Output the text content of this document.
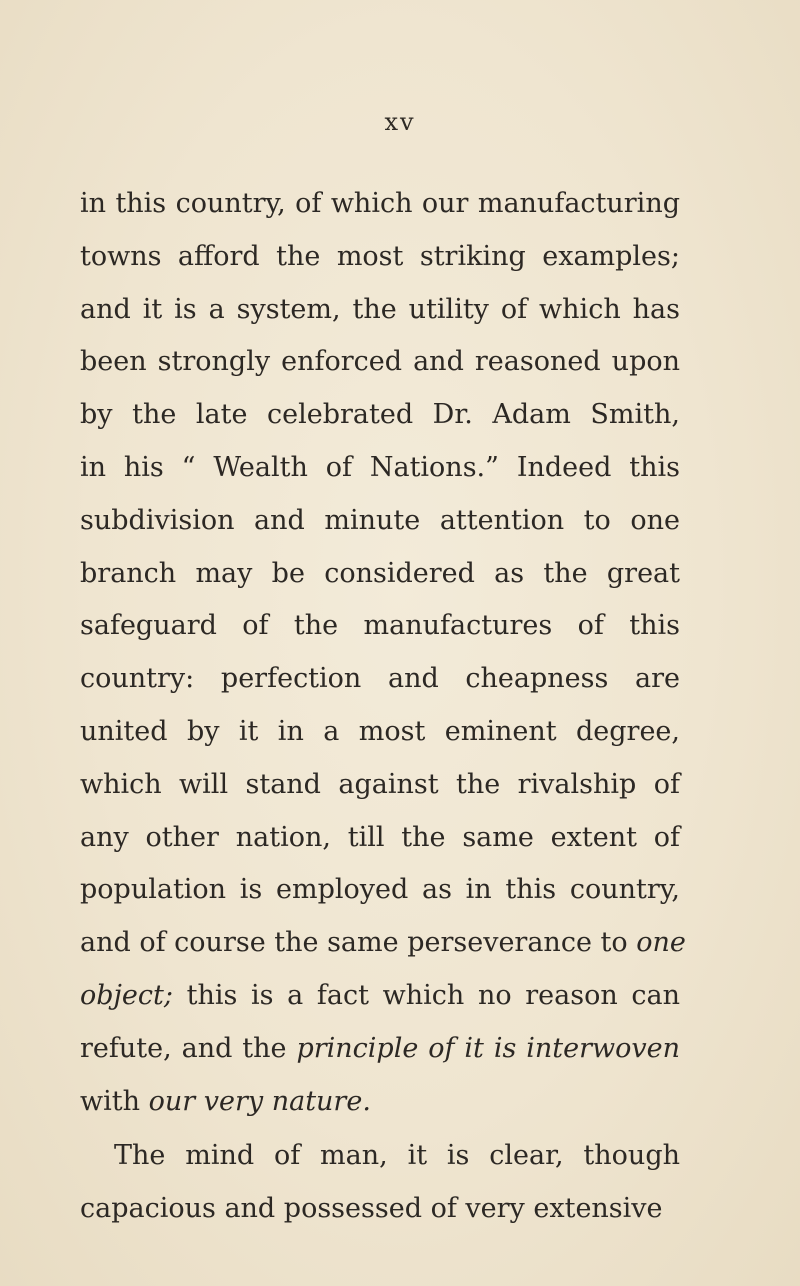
xv
in this country, of which our manufacturing
towns afford the most striking examples;
and it is a system, the utility of which has
been strongly enforced and reasoned upon
by the late celebrated Dr. Adam Smith,
in his “ Wealth of Nations.” Indeed this
subdivision and minute attention to one
branch may be considered as the great
safeguard of the manufactures of this
country: perfection and cheapness are
united by it in a most eminent degree,
which will stand against the rivalship of
any other nation, till the same extent of
population is employed as in this country,
and of course the same perseverance to one
object; this is a fact which no reason can
refute, and the principle of it is interwoven
with our very nature.
The mind of man, it is clear, though
capacious and possessed of very extensive
